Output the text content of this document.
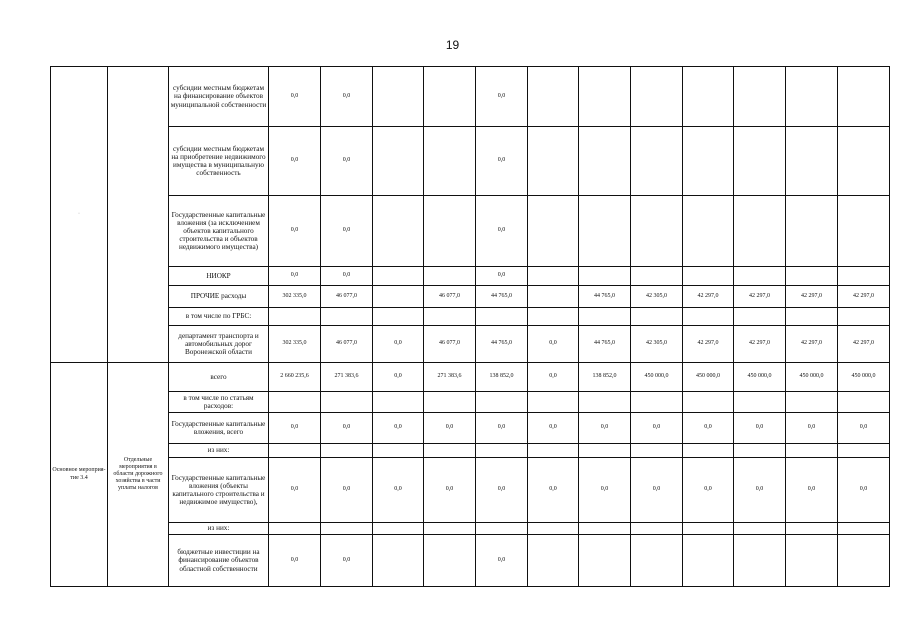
19
·		субсидии местным бюджетам на финансирование объектов муниципальной собственности	0,0	0,0			0,0							
		субсидии местным бюджетам на приобретение недвижимого имущества в муниципальную собственность	0,0	0,0			0,0							
		Государственные капитальные вложения (за исключением объектов капитального строительства и объектов недвижимого имущества)	0,0	0,0			0,0							
		НИОКР	0,0	0,0			0,0							
		ПРОЧИЕ расходы	302 335,0	46 077,0		46 077,0	44 765,0		44 765,0	42 305,0	42 297,0	42 297,0	42 297,0	42 297,0
		в том числе по ГРБС:												
		департамент транспорта и автомобильных дорог Воронежской области	302 335,0	46 077,0	0,0	46 077,0	44 765,0	0,0	44 765,0	42 305,0	42 297,0	42 297,0	42 297,0	42 297,0
Основное мероприя-тие 3.4	Отдельные мероприятия в области дорожного хозяйства в части уплаты налогов	всего	2 660 235,6	271 383,6	0,0	271 383,6	138 852,0	0,0	138 852,0	450 000,0	450 000,0	450 000,0	450 000,0	450 000,0
		в том числе по статьям расходов:												
		Государственные капитальные вложения, всего	0,0	0,0	0,0	0,0	0,0	0,0	0,0	0,0	0,0	0,0	0,0	0,0
		из них:												
		Государственные капитальные вложения (объекты капитального строительства и недвижимое имущество),	0,0	0,0	0,0	0,0	0,0	0,0	0,0	0,0	0,0	0,0	0,0	0,0
		из них:												
		бюджетные инвестиции на финансирование объектов областной собственности	0,0	0,0			0,0							
